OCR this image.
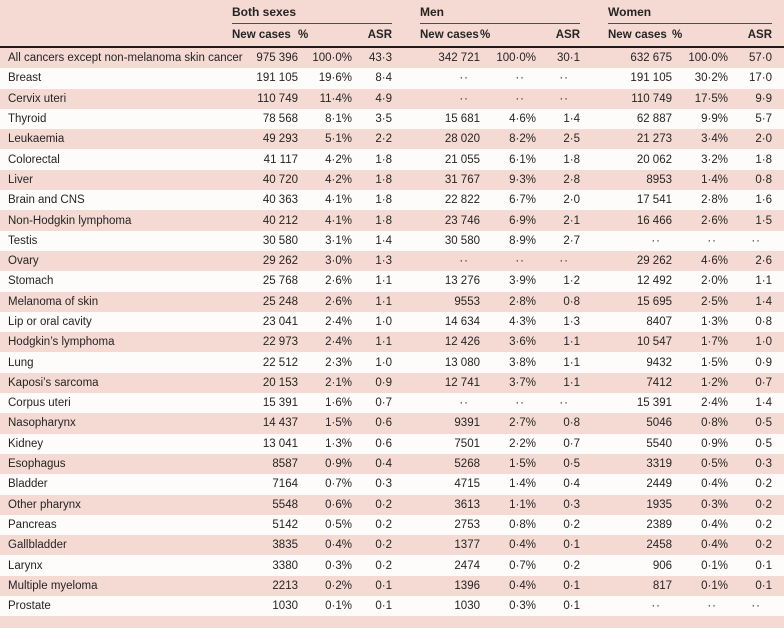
Both sexes	Men	Women
New cases %	ASR New cases %	ASR New cases %	ASR
All cancers except non-melanoma skin cancer	975 396	100·0%	43·3	342 721	100·0%	30·1	632 675	100·0%	57·0
Breast	191 105	19·6%	8·4	··	··	··	191 105	30·2%	17·0
Cervix uteri	110 749	11·4%	4·9	··	··	··	110 749	17·5%	9·9
Thyroid	78 568	8·1%	3·5	15 681	4·6%	1·4	62 887	9·9%	5·7
Leukaemia	49 293	5·1%	2·2	28 020	8·2%	2·5	21 273	3·4%	2·0
Colorectal	41 117	4·2%	1·8	21 055	6·1%	1·8	20 062	3·2%	1·8
Liver	40 720	4·2%	1·8	31 767	9·3%	2·8	8953	1·4%	0·8
Brain and CNS	40 363	4·1%	1·8	22 822	6·7%	2·0	17 541	2·8%	1·6
Non-Hodgkin lymphoma	40 212	4·1%	1·8	23 746	6·9%	2·1	16 466	2·6%	1·5
Testis	30 580	3·1%	1·4	30 580	8·9%	2·7	··	··	··
Ovary	29 262	3·0%	1·3	··	··	··	29 262	4·6%	2·6
Stomach	25 768	2·6%	1·1	13 276	3·9%	1·2	12 492	2·0%	1·1
Melanoma of skin	25 248	2·6%	1·1	9553	2·8%	0·8	15 695	2·5%	1·4
Lip or oral cavity	23 041	2·4%	1·0	14 634	4·3%	1·3	8407	1·3%	0·8
Hodgkin’s lymphoma	22 973	2·4%	1·1	12 426	3·6%	1·1	10 547	1·7%	1·0
Lung	22 512	2·3%	1·0	13 080	3·8%	1·1	9432	1·5%	0·9
Kaposi’s sarcoma	20 153	2·1%	0·9	12 741	3·7%	1·1	7412	1·2%	0·7
Corpus uteri	15 391	1·6%	0·7	··	··	··	15 391	2·4%	1·4
Nasopharynx	14 437	1·5%	0·6	9391	2·7%	0·8	5046	0·8%	0·5
Kidney	13 041	1·3%	0·6	7501	2·2%	0·7	5540	0·9%	0·5
Esophagus	8587	0·9%	0·4	5268	1·5%	0·5	3319	0·5%	0·3
Bladder	7164	0·7%	0·3	4715	1·4%	0·4	2449	0·4%	0·2
Other pharynx	5548	0·6%	0·2	3613	1·1%	0·3	1935	0·3%	0·2
Pancreas	5142	0·5%	0·2	2753	0·8%	0·2	2389	0·4%	0·2
Gallbladder	3835	0·4%	0·2	1377	0·4%	0·1	2458	0·4%	0·2
Larynx	3380	0·3%	0·2	2474	0·7%	0·2	906	0·1%	0·1
Multiple myeloma	2213	0·2%	0·1	1396	0·4%	0·1	817	0·1%	0·1
Prostate	1030	0·1%	0·1	1030	0·3%	0·1	··	··	··
